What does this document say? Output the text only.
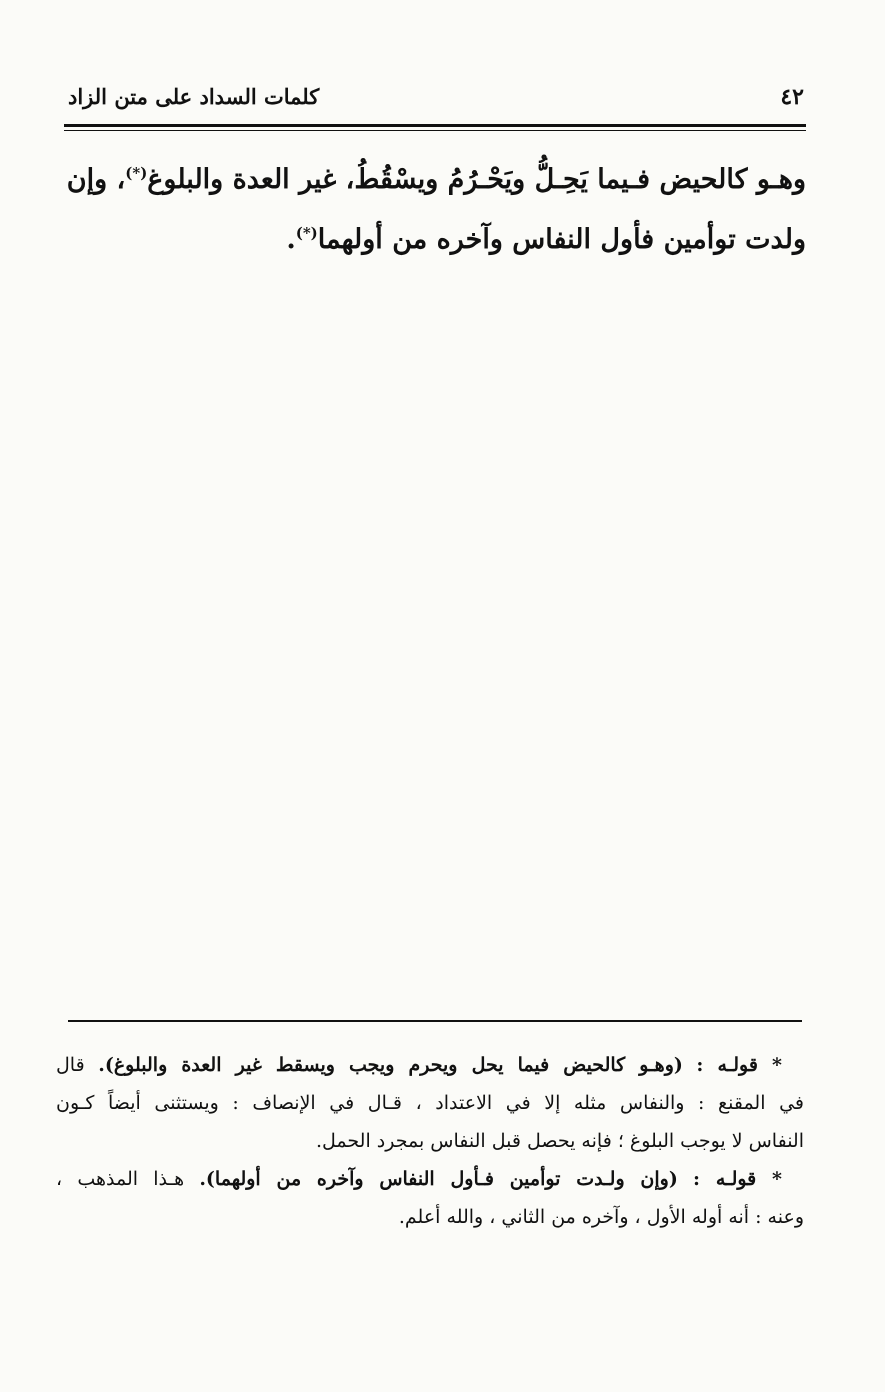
٤٢
كلمات السداد على متن الزاد

وهـو كالحيض فـيما يَحِـلُّ ويَحْـرُمُ ويسْقُطُ، غير العدة والبلوغ(*)، وإن

ولدت توأمين فأول النفاس وآخره من أولهما(*).

* قولـه : (وهـو كالحيض فيما يحل ويحرم ويجب ويسقط غير العدة والبلوغ). قال

في المقنع : والنفاس مثله إلا في الاعتداد ، قـال في الإنصاف : ويستثنى أيضاً كـون

النفاس لا يوجب البلوغ ؛ فإنه يحصل قبل النفاس بمجرد الحمل.

* قولـه : (وإن ولـدت توأمين فـأول النفاس وآخره من أولهما). هـذا المذهب ،

وعنه : أنه أوله الأول ، وآخره من الثاني ، والله أعلم.
